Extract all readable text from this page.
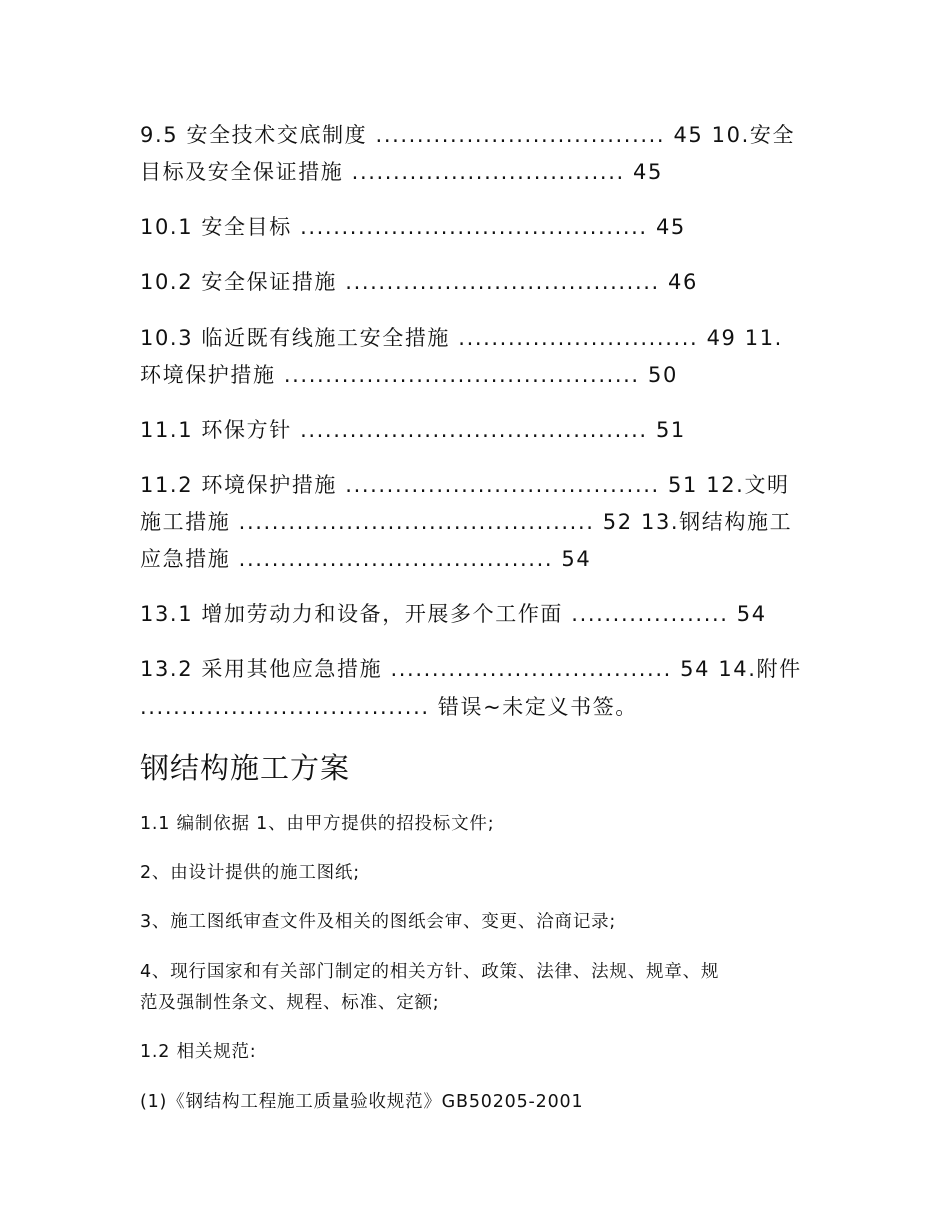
9.5 安全技术交底制度 ................................... 45 10.安全

目标及安全保证措施 ................................. 45

10.1 安全目标 .......................................... 45

10.2 安全保证措施 ...................................... 46

10.3 临近既有线施工安全措施 ............................. 49 11.

环境保护措施 ........................................... 50

11.1 环保方针 .......................................... 51

11.2 环境保护措施 ...................................... 51 12.文明

施工措施 ........................................... 52 13.钢结构施工

应急措施 ...................................... 54

13.1 增加劳动力和设备，开展多个工作面 ................... 54

13.2 采用其他应急措施 .................................. 54 14.附件

................................... 错误~未定义书签。

钢结构施工方案

1.1 编制依据 1、由甲方提供的招投标文件;

2、由设计提供的施工图纸;

3、施工图纸审查文件及相关的图纸会审、变更、洽商记录;

4、现行国家和有关部门制定的相关方针、政策、法律、法规、规章、规

范及强制性条文、规程、标准、定额;

1.2 相关规范:

(1)《钢结构工程施工质量验收规范》GB50205-2001
